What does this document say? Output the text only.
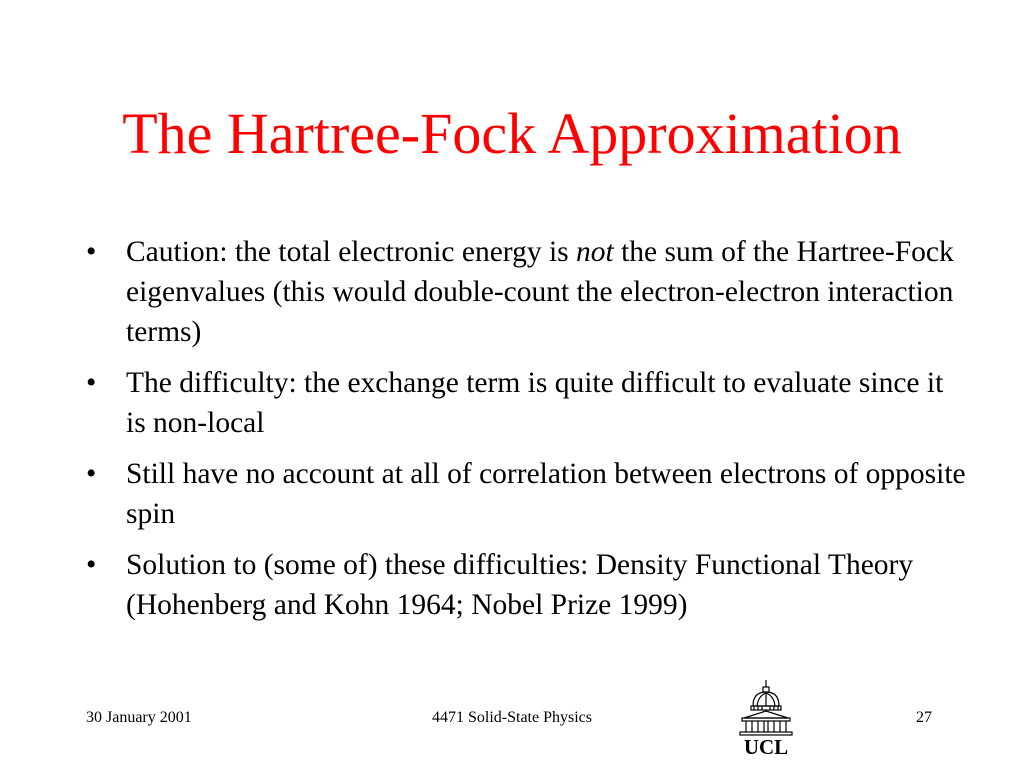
The Hartree-Fock Approximation
• Caution: the total electronic energy is not the sum of the Hartree-Fock eigenvalues (this would double-count the electron-electron interaction terms)
• The difficulty: the exchange term is quite difficult to evaluate since it is non-local
• Still have no account at all of correlation between electrons of opposite spin
• Solution to (some of) these difficulties: Density Functional Theory (Hohenberg and Kohn 1964; Nobel Prize 1999)
30 January 2001	4471 Solid-State Physics	27
UCL
